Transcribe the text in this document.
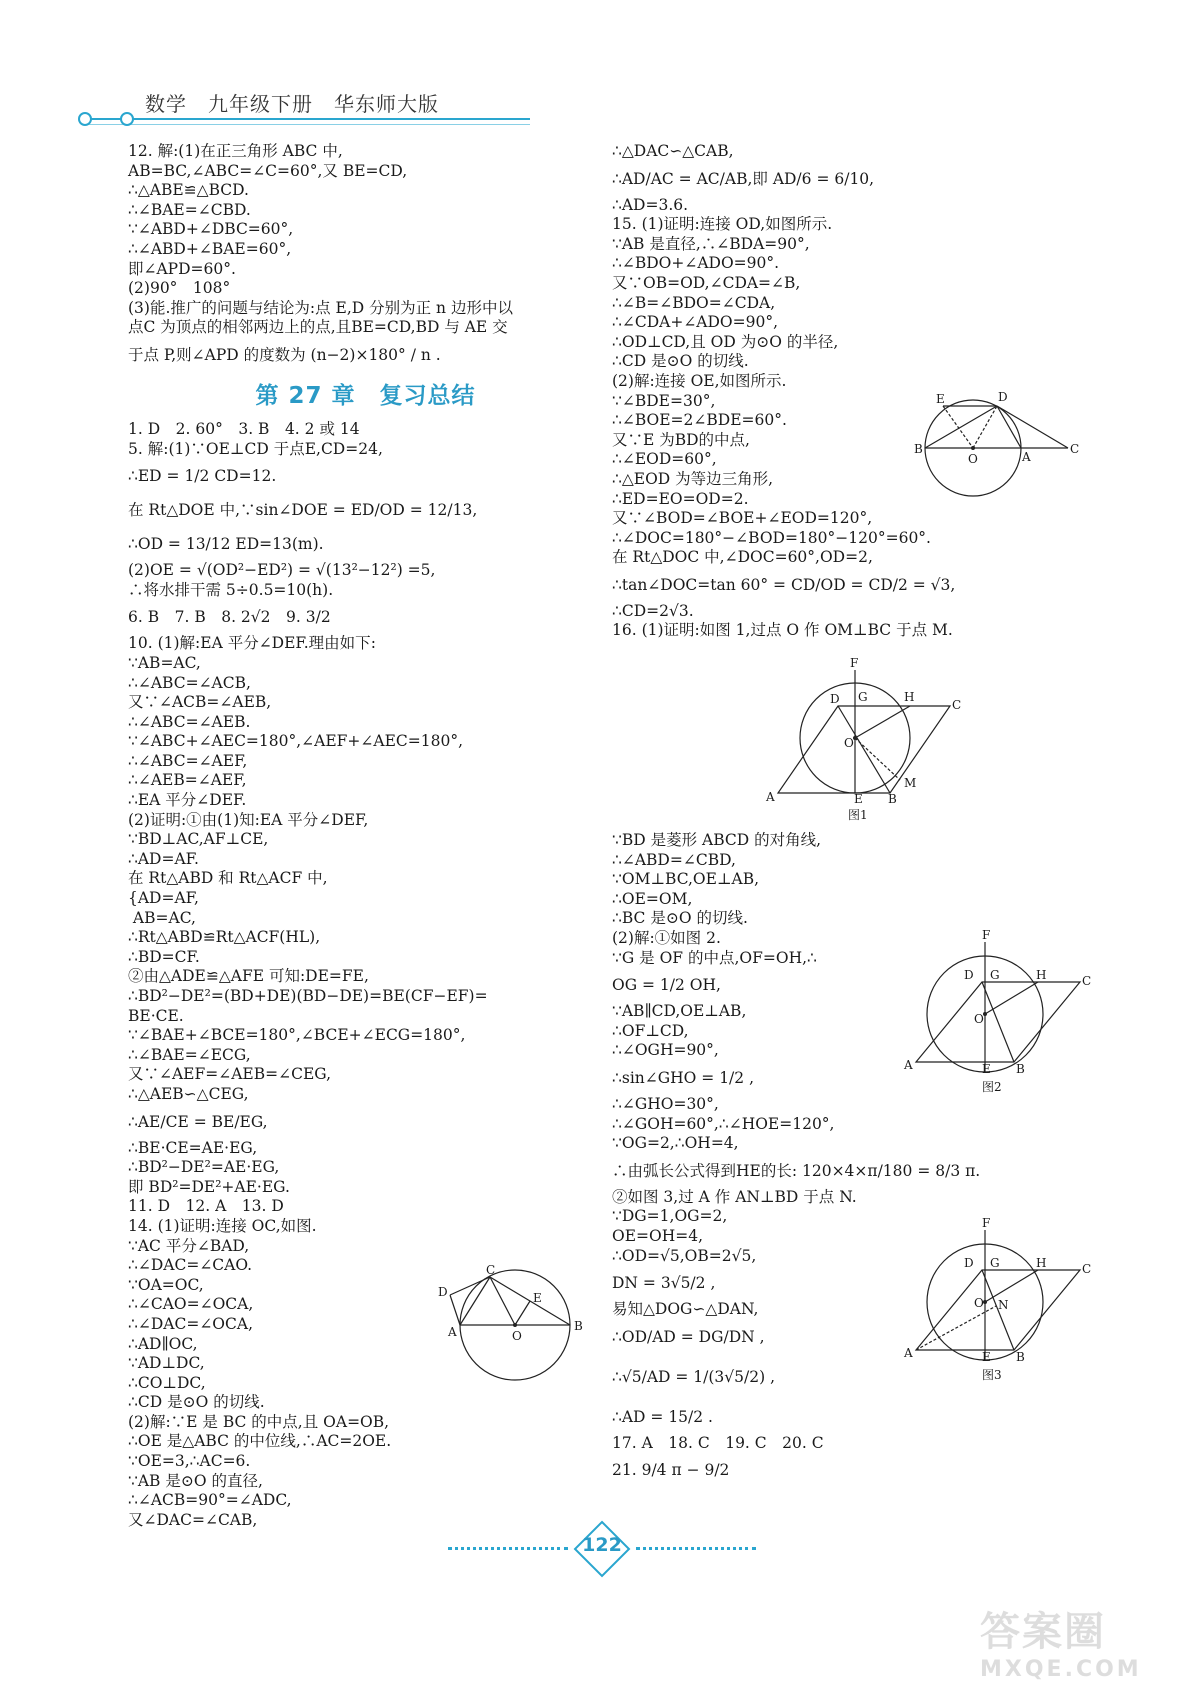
数学　九年级下册　华东师大版
12. 解:(1)在正三角形 ABC 中,
AB=BC,∠ABC=∠C=60°,又 BE=CD,
∴△ABE≌△BCD.
∴∠BAE=∠CBD.
∵∠ABD+∠DBC=60°,
∴∠ABD+∠BAE=60°,
即∠APD=60°.
(2)90°　108°
(3)能.推广的问题与结论为:点 E,D 分别为正 n 边形中以
点C 为顶点的相邻两边上的点,且BE=CD,BD 与 AE 交
于点 P,则∠APD 的度数为 (n−2)×180° / n .
第 27 章　复习总结
1. D　2. 60°　3. B　4. 2 或 14
5. 解:(1)∵OE⊥CD 于点E,CD=24,
∴ED = 1/2 CD=12.
在 Rt△DOE 中,∵sin∠DOE = ED/OD = 12/13,
∴OD = 13/12 ED=13(m).
(2)OE = √(OD²−ED²) = √(13²−12²) =5,
∴将水排干需 5÷0.5=10(h).
6. B　7. B　8. 2√2　9. 3/2
10. (1)解:EA 平分∠DEF.理由如下:
∵AB=AC,
∴∠ABC=∠ACB,
又∵∠ACB=∠AEB,
∴∠ABC=∠AEB.
∵∠ABC+∠AEC=180°,∠AEF+∠AEC=180°,
∴∠ABC=∠AEF,
∴∠AEB=∠AEF,
∴EA 平分∠DEF.
(2)证明:①由(1)知:EA 平分∠DEF,
∵BD⊥AC,AF⊥CE,
∴AD=AF.
在 Rt△ABD 和 Rt△ACF 中,
{AD=AF,
AB=AC,
∴Rt△ABD≌Rt△ACF(HL),
∴BD=CF.
②由△ADE≌△AFE 可知:DE=FE,
∴BD²−DE²=(BD+DE)(BD−DE)=BE(CF−EF)=
BE·CE.
∵∠BAE+∠BCE=180°,∠BCE+∠ECG=180°,
∴∠BAE=∠ECG,
又∵∠AEF=∠AEB=∠CEG,
∴△AEB∽△CEG,
∴AE/CE = BE/EG,
∴BE·CE=AE·EG,
∴BD²−DE²=AE·EG,
即 BD²=DE²+AE·EG.
11. D　12. A　13. D
14. (1)证明:连接 OC,如图.
∵AC 平分∠BAD,
∴∠DAC=∠CAO.
∵OA=OC,
∴∠CAO=∠OCA,
∴∠DAC=∠OCA,
∴AD∥OC,
∵AD⊥DC,
∴CO⊥DC,
∴CD 是⊙O 的切线.
(2)解:∵E 是 BC 的中点,且 OA=OB,
∴OE 是△ABC 的中位线,∴AC=2OE.
∵OE=3,∴AC=6.
∵AB 是⊙O 的直径,
∴∠ACB=90°=∠ADC,
又∠DAC=∠CAB,
∴△DAC∽△CAB,
∴AD/AC = AC/AB,即 AD/6 = 6/10,
∴AD=3.6.
15. (1)证明:连接 OD,如图所示.
∵AB 是直径,∴∠BDA=90°,
∴∠BDO+∠ADO=90°.
又∵OB=OD,∠CDA=∠B,
∴∠B=∠BDO=∠CDA,
∴∠CDA+∠ADO=90°,
∴OD⊥CD,且 OD 为⊙O 的半径,
∴CD 是⊙O 的切线.
(2)解:连接 OE,如图所示.
∵∠BDE=30°,
∴∠BOE=2∠BDE=60°.
又∵E 为BD的中点,
∴∠EOD=60°,
∴△EOD 为等边三角形,
∴ED=EO=OD=2.
又∵∠BOD=∠BOE+∠EOD=120°,
∴∠DOC=180°−∠BOD=180°−120°=60°.
在 Rt△DOC 中,∠DOC=60°,OD=2,
∴tan∠DOC=tan 60° = CD/OD = CD/2 = √3,
∴CD=2√3.
16. (1)证明:如图 1,过点 O 作 OM⊥BC 于点 M.
∵BD 是菱形 ABCD 的对角线,
∴∠ABD=∠CBD,
∵OM⊥BC,OE⊥AB,
∴OE=OM,
∴BC 是⊙O 的切线.
(2)解:①如图 2.
∵G 是 OF 的中点,OF=OH,∴
OG = 1/2 OH,
∵AB∥CD,OE⊥AB,
∴OF⊥CD,
∴∠OGH=90°,
∴sin∠GHO = 1/2 ,
∴∠GHO=30°,
∴∠GOH=60°,∴∠HOE=120°,
∵OG=2,∴OH=4,
∴由弧长公式得到HE的长: 120×4×π/180 = 8/3 π.
②如图 3,过 A 作 AN⊥BD 于点 N.
∵DG=1,OG=2,
OE=OH=4,
∴OD=√5,OB=2√5,
DN = 3√5/2 ,
易知△DOG∽△DAN,
∴OD/AD = DG/DN ,
∴√5/AD = 1/(3√5/2) ,
∴AD = 15/2 .
17. A　18. C　19. C　20. C
21. 9/4 π − 9/2
D
C
E
A	O
B
E	D
B
O	A
C
F
D G	H
C
O
M
A	E B
图1
F
D G	H	C
O
A	E B
图2
F
D G	H	C
O N
A	E B
图3
122
答案圈
MXQE.COM
